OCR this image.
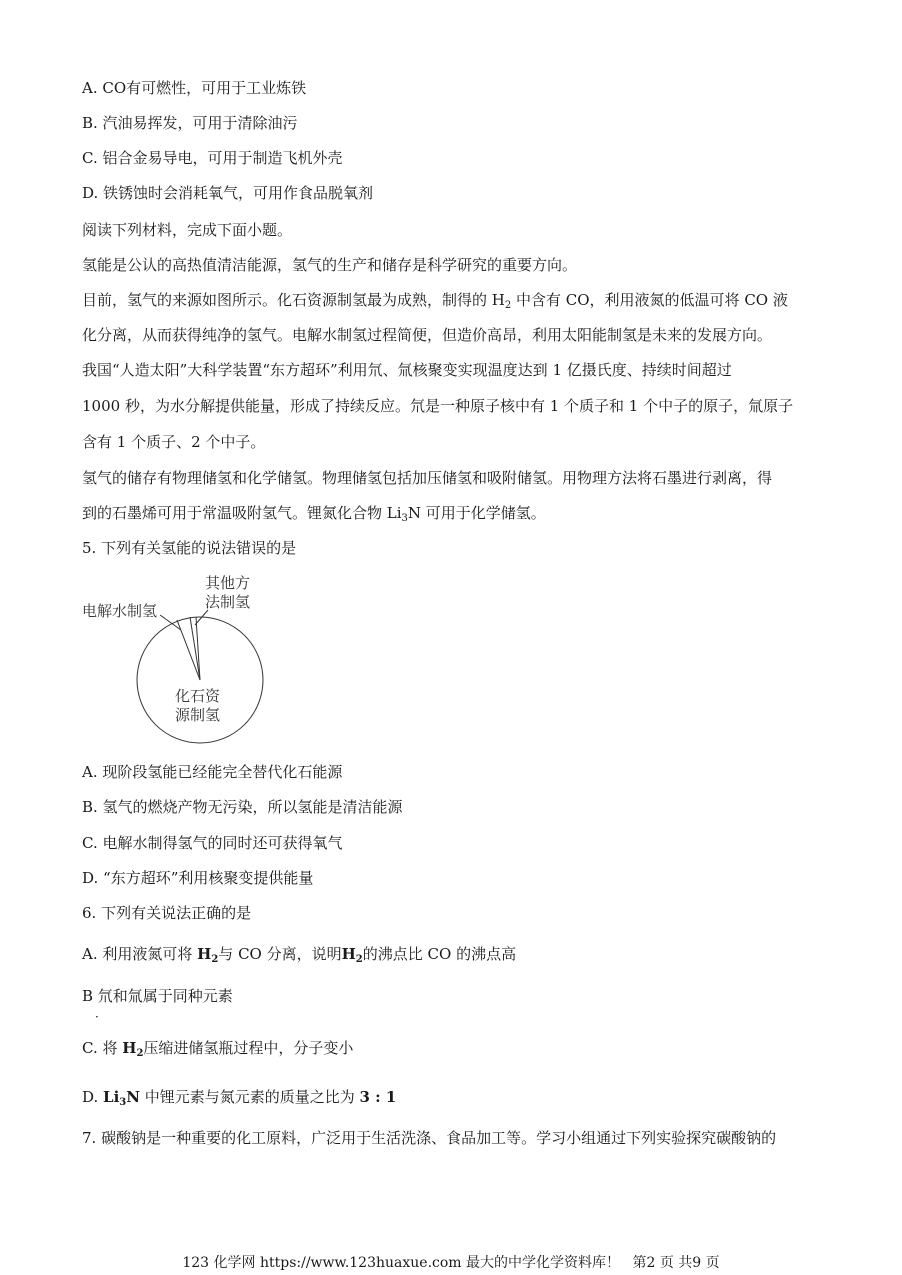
A. CO有可燃性，可用于工业炼铁
B. 汽油易挥发，可用于清除油污
C. 铝合金易导电，可用于制造飞机外壳
D. 铁锈蚀时会消耗氧气，可用作食品脱氧剂
阅读下列材料，完成下面小题。
氢能是公认的高热值清洁能源，氢气的生产和储存是科学研究的重要方向。
目前，氢气的来源如图所示。化石资源制氢最为成熟，制得的 $H_2$ 中含有 CO，利用液氮的低温可将 CO 液
化分离，从而获得纯净的氢气。电解水制氢过程简便，但造价高昂，利用太阳能制氢是未来的发展方向。
我国“人造太阳”大科学装置“东方超环”利用氘、氚核聚变实现温度达到 1 亿摄氏度、持续时间超过
1000 秒，为水分解提供能量，形成了持续反应。氘是一种原子核中有 1 个质子和 1 个中子的原子，氚原子
含有 1 个质子、2 个中子。
氢气的储存有物理储氢和化学储氢。物理储氢包括加压储氢和吸附储氢。用物理方法将石墨进行剥离，得
到的石墨烯可用于常温吸附氢气。锂氮化合物 $Li_3N$ 可用于化学储氢。
5. 下列有关氢能的说法错误的是
电解水制氢
其他方
法制氢
化石资
源制氢
A. 现阶段氢能已经能完全替代化石能源
B. 氢气的燃烧产物无污染，所以氢能是清洁能源
C. 电解水制得氢气的同时还可获得氧气
D. “东方超环”利用核聚变提供能量
6. 下列有关说法正确的是
A. 利用液氮可将 $H_2$与 CO 分离，说明$H_2$的沸点比 CO 的沸点高
B 氘和氚属于同种元素
·
C. 将 $H_2$压缩进储氢瓶过程中，分子变小
D. $Li_3N$ 中锂元素与氮元素的质量之比为 3 : 1
7. 碳酸钠是一种重要的化工原料，广泛用于生活洗涤、食品加工等。学习小组通过下列实验探究碳酸钠的
123 化学网 https://www.123huaxue.com 最大的中学化学资料库！ 第2 页 共9 页
